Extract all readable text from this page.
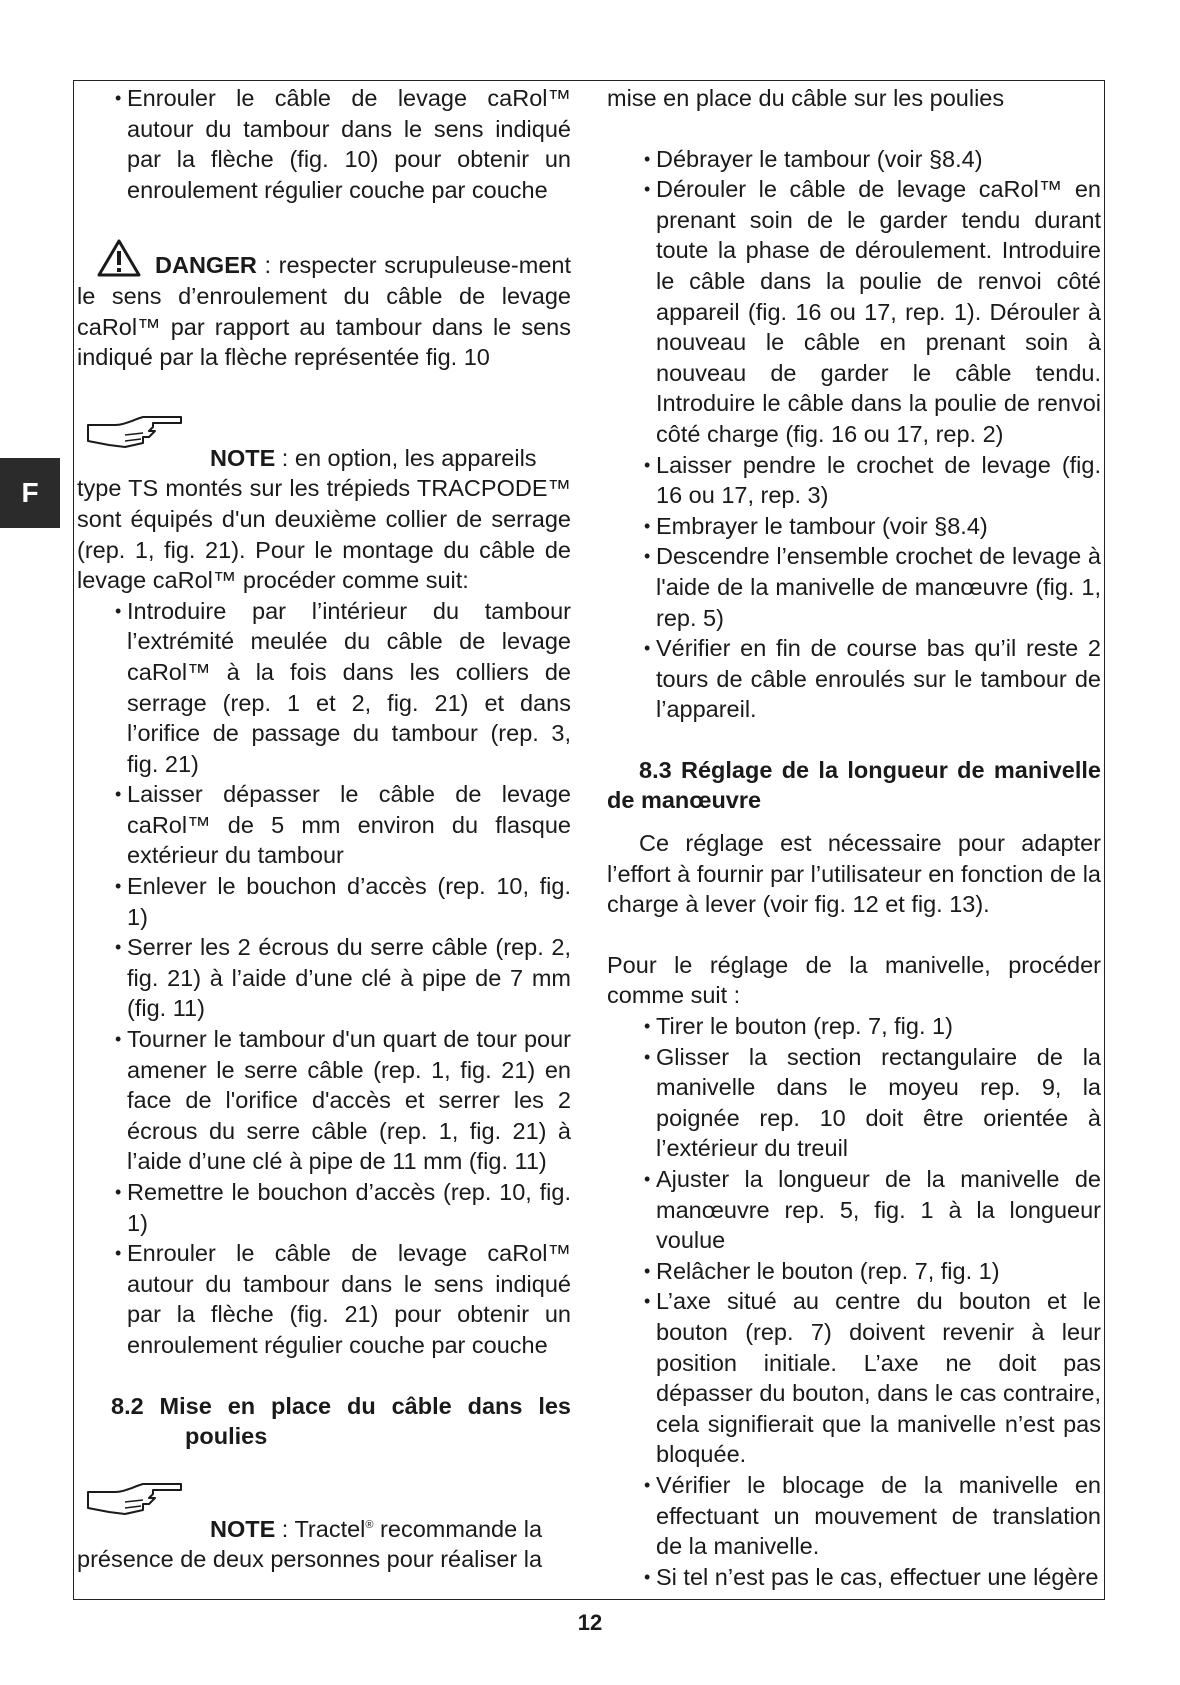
F
• Enrouler le câble de levage caRol™ autour du tambour dans le sens indiqué par la flèche (fig. 10) pour obtenir un enroulement régulier couche par couche

DANGER : respecter scrupuleuse-ment le sens d’enroulement du câble de levage caRol™ par rapport au tambour dans le sens indiqué par la flèche représentée fig. 10

NOTE : en option, les appareils

type TS montés sur les trépieds TRACPODE™ sont équipés d'un deuxième collier de serrage (rep. 1, fig. 21). Pour le montage du câble de levage caRol™ procéder comme suit:

• Introduire par l’intérieur du tambour l’extrémité meulée du câble de levage caRol™ à la fois dans les colliers de serrage (rep. 1 et 2, fig. 21) et dans l’orifice de passage du tambour (rep. 3, fig. 21)
• Laisser dépasser le câble de levage caRol™ de 5 mm environ du flasque extérieur du tambour
• Enlever le bouchon d’accès (rep. 10, fig. 1)
• Serrer les 2 écrous du serre câble (rep. 2, fig. 21) à l’aide d’une clé à pipe de 7 mm (fig. 11)
• Tourner le tambour d'un quart de tour pour amener le serre câble (rep. 1, fig. 21) en face de l'orifice d'accès et serrer les 2 écrous du serre câble (rep. 1, fig. 21) à l’aide d’une clé à pipe de 11 mm (fig. 11)
• Remettre le bouchon d’accès (rep. 10, fig. 1)
• Enrouler le câble de levage caRol™ autour du tambour dans le sens indiqué par la flèche (fig. 21) pour obtenir un enroulement régulier couche par couche
8.2 Mise en place du câble dans les
poulies

NOTE : Tractel® recommande la

présence de deux personnes pour réaliser la

mise en place du câble sur les poulies

• Débrayer le tambour (voir §8.4)
• Dérouler le câble de levage caRol™ en prenant soin de le garder tendu durant toute la phase de déroulement. Introduire le câble dans la poulie de renvoi côté appareil (fig. 16 ou 17, rep. 1). Dérouler à nouveau le câble en prenant soin à nouveau de garder le câble tendu. Introduire le câble dans la poulie de renvoi côté charge (fig. 16 ou 17, rep. 2)
• Laisser pendre le crochet de levage (fig. 16 ou 17, rep. 3)
• Embrayer le tambour (voir §8.4)
• Descendre l’ensemble crochet de levage à l'aide de la manivelle de manœuvre (fig. 1, rep. 5)
• Vérifier en fin de course bas qu’il reste 2 tours de câble enroulés sur le tambour de l’appareil.

8.3 Réglage de la longueur de manivelle de manœuvre

Ce réglage est nécessaire pour adapter l’effort à fournir par l’utilisateur en fonction de la charge à lever (voir fig. 12 et fig. 13).

Pour le réglage de la manivelle, procéder comme suit :

• Tirer le bouton (rep. 7, fig. 1)
• Glisser la section rectangulaire de la manivelle dans le moyeu rep. 9, la poignée rep. 10 doit être orientée à l’extérieur du treuil
• Ajuster la longueur de la manivelle de manœuvre rep. 5, fig. 1 à la longueur voulue
• Relâcher le bouton (rep. 7, fig. 1)
• L’axe situé au centre du bouton et le bouton (rep. 7) doivent revenir à leur position initiale. L’axe ne doit pas dépasser du bouton, dans le cas contraire, cela signifierait que la manivelle n’est pas bloquée.
• Vérifier le blocage de la manivelle en effectuant un mouvement de translation de la manivelle.
• Si tel n’est pas le cas, effectuer une légère
12
